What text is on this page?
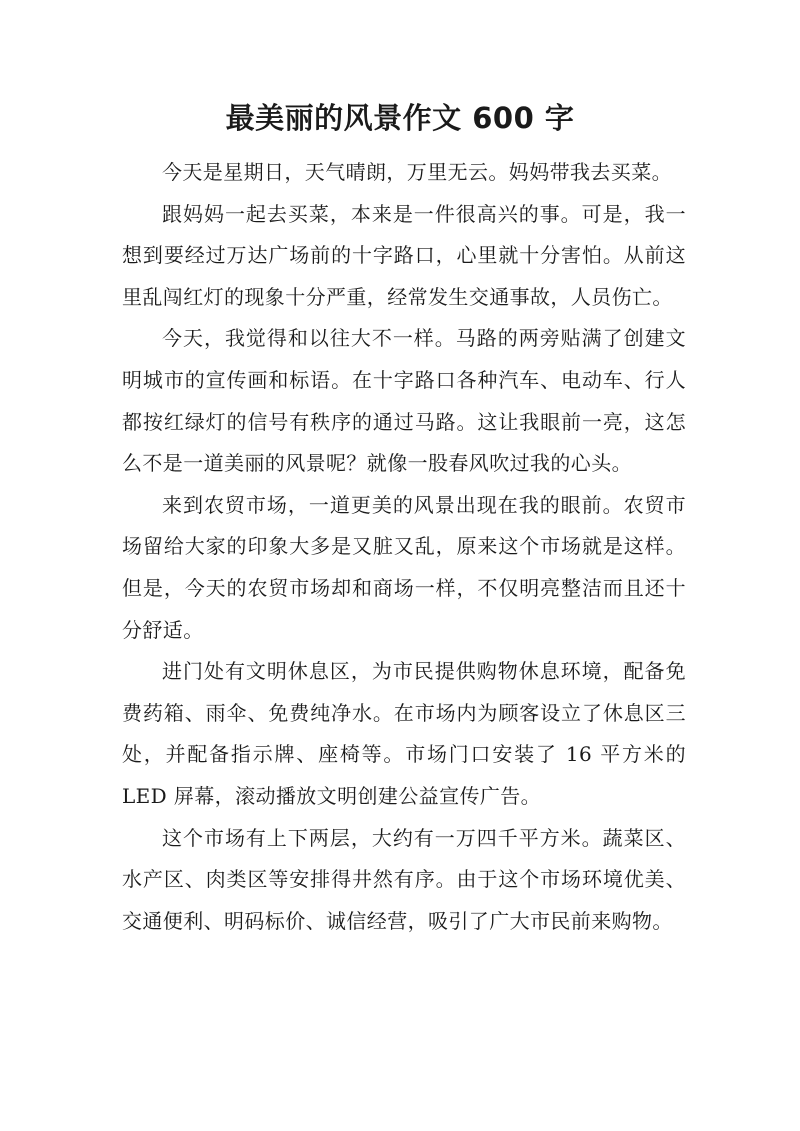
最美丽的风景作文 600 字

今天是星期日，天气晴朗，万里无云。妈妈带我去买菜。

跟妈妈一起去买菜，本来是一件很高兴的事。可是，我一想到要经过万达广场前的十字路口，心里就十分害怕。从前这里乱闯红灯的现象十分严重，经常发生交通事故，人员伤亡。

今天，我觉得和以往大不一样。马路的两旁贴满了创建文明城市的宣传画和标语。在十字路口各种汽车、电动车、行人都按红绿灯的信号有秩序的通过马路。这让我眼前一亮，这怎么不是一道美丽的风景呢？就像一股春风吹过我的心头。

来到农贸市场，一道更美的风景出现在我的眼前。农贸市场留给大家的印象大多是又脏又乱，原来这个市场就是这样。但是，今天的农贸市场却和商场一样，不仅明亮整洁而且还十分舒适。

进门处有文明休息区，为市民提供购物休息环境，配备免费药箱、雨伞、免费纯净水。在市场内为顾客设立了休息区三处，并配备指示牌、座椅等。市场门口安装了 16 平方米的 LED 屏幕，滚动播放文明创建公益宣传广告。

这个市场有上下两层，大约有一万四千平方米。蔬菜区、水产区、肉类区等安排得井然有序。由于这个市场环境优美、交通便利、明码标价、诚信经营，吸引了广大市民前来购物。
